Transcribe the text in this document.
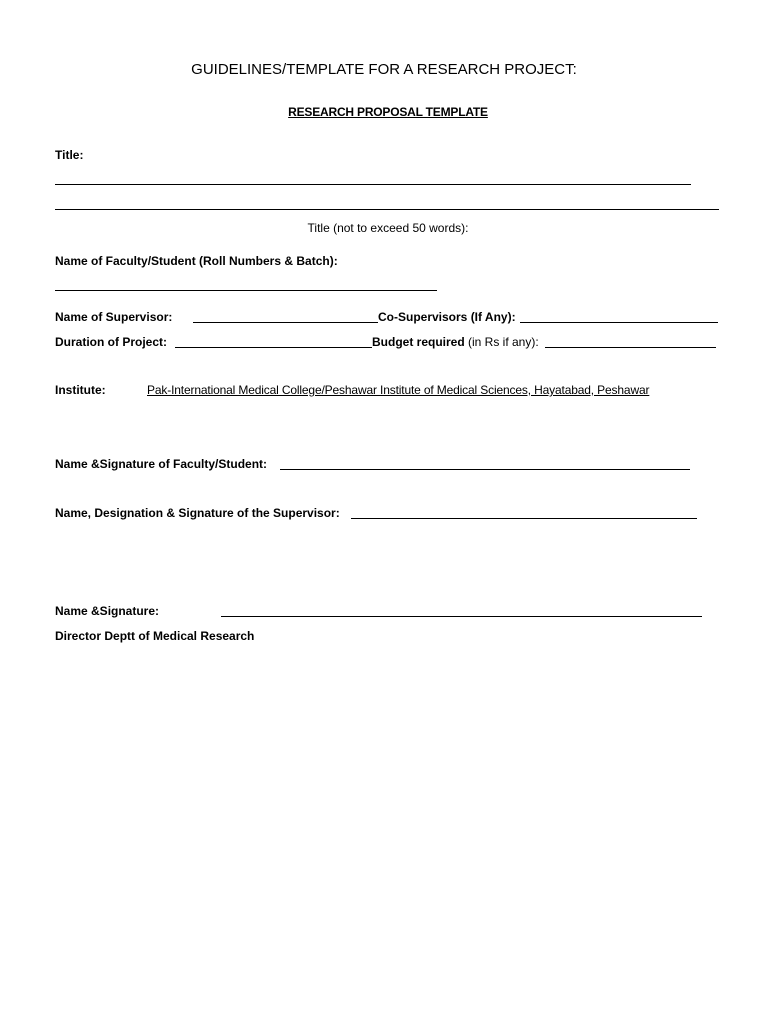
GUIDELINES/TEMPLATE FOR A RESEARCH PROJECT:
RESEARCH PROPOSAL TEMPLATE
Title:
Title (not to exceed 50 words):
Name of Faculty/Student (Roll Numbers & Batch):
Name of Supervisor:	Co-Supervisors (If Any):
Duration of Project:	Budget required (in Rs if any):
Institute:	Pak-International Medical College/Peshawar Institute of Medical Sciences, Hayatabad, Peshawar
Name &Signature of Faculty/Student:
Name, Designation & Signature of the Supervisor:
Name &Signature:
Director Deptt of Medical Research
